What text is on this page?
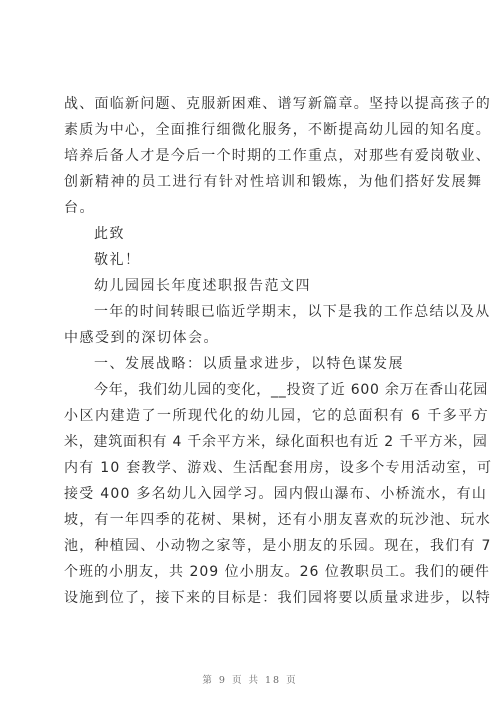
战、面临新问题、克服新困难、谱写新篇章。坚持以提高孩子的
素质为中心，全面推行细微化服务，不断提高幼儿园的知名度。
培养后备人才是今后一个时期的工作重点，对那些有爱岗敬业、
创新精神的员工进行有针对性培训和锻炼，为他们搭好发展舞
台。
此致
敬礼！
幼儿园园长年度述职报告范文四
一年的时间转眼已临近学期末，以下是我的工作总结以及从
中感受到的深切体会。
一、发展战略：以质量求进步，以特色谋发展
今年，我们幼儿园的变化，__投资了近 600 余万在香山花园
小区内建造了一所现代化的幼儿园，它的总面积有 6 千多平方
米，建筑面积有 4 千余平方米，绿化面积也有近 2 千平方米，园
内有 10 套教学、游戏、生活配套用房，设多个专用活动室，可
接受 400 多名幼儿入园学习。园内假山瀑布、小桥流水，有山
坡，有一年四季的花树、果树，还有小朋友喜欢的玩沙池、玩水
池，种植园、小动物之家等，是小朋友的乐园。现在，我们有 7
个班的小朋友，共 209 位小朋友。26 位教职员工。我们的硬件
设施到位了，接下来的目标是：我们园将要以质量求进步，以特
第 9 页 共 18 页
